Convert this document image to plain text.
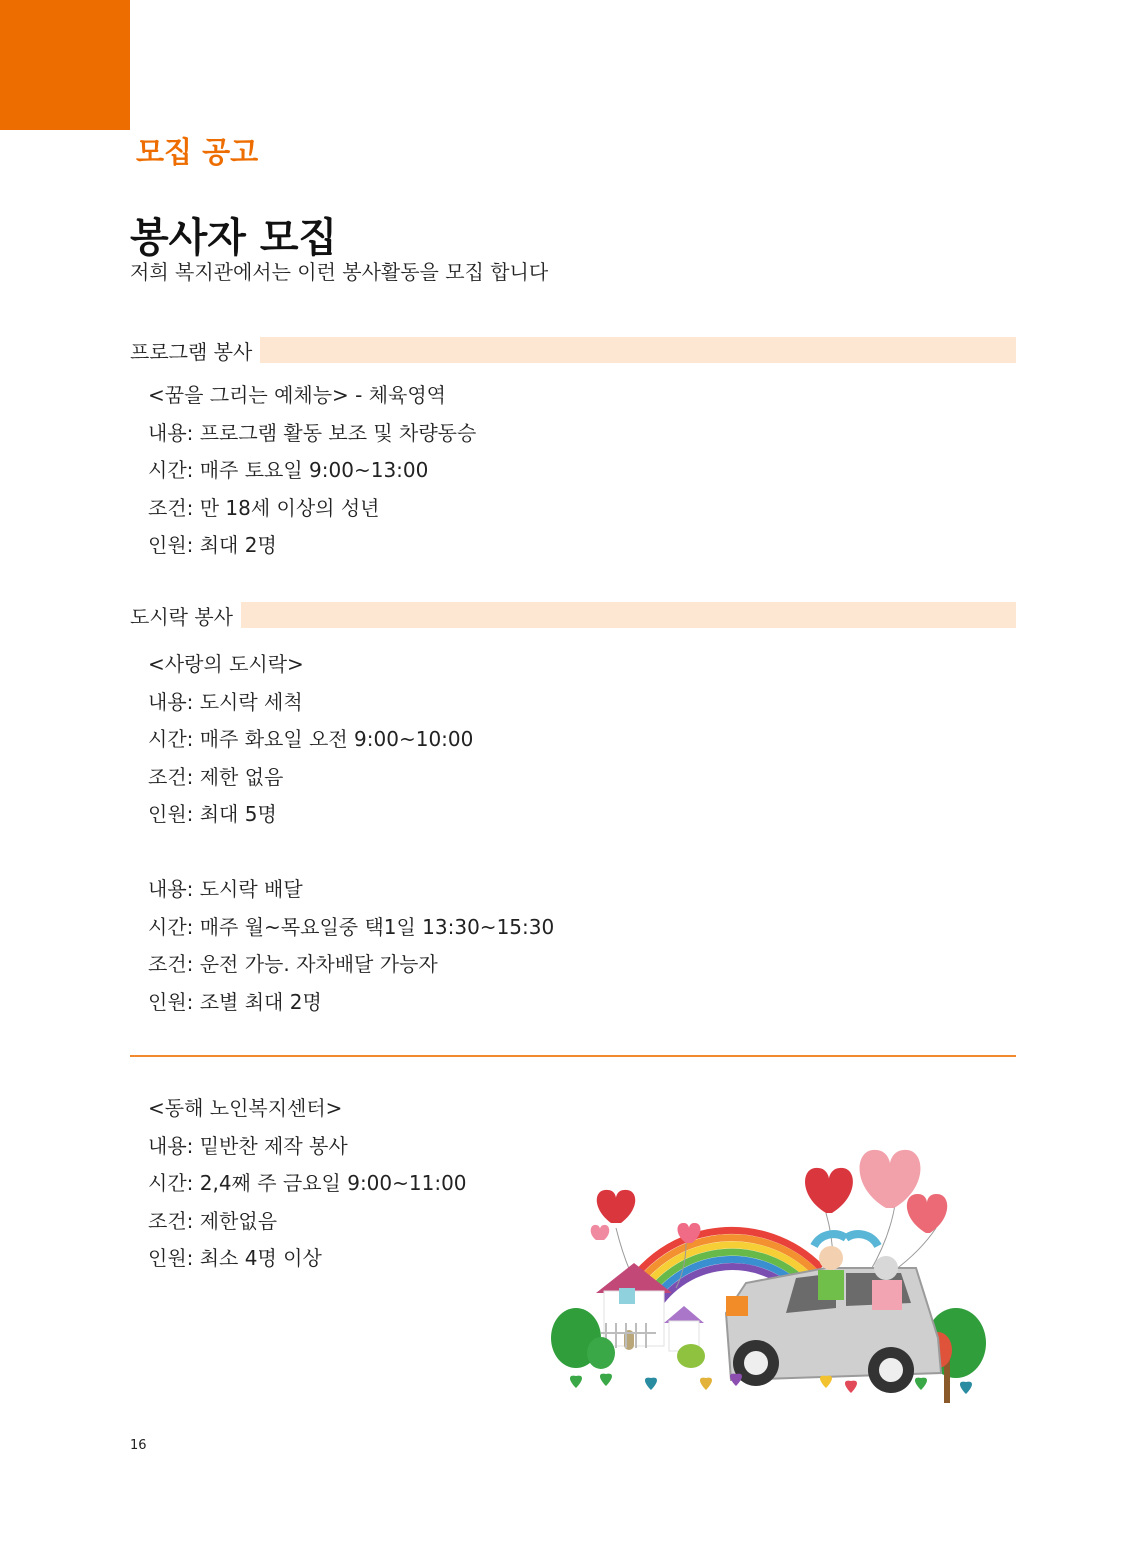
모집 공고
봉사자 모집
저희 복지관에서는 이런 봉사활동을 모집 합니다
프로그램 봉사
<꿈을 그리는 예체능> - 체육영역
내용: 프로그램 활동 보조 및 차량동승
시간: 매주 토요일 9:00~13:00
조건: 만 18세 이상의 성년
인원: 최대 2명
도시락 봉사
<사랑의 도시락>
내용: 도시락 세척
시간: 매주 화요일 오전 9:00~10:00
조건: 제한 없음
인원: 최대 5명
내용: 도시락 배달
시간: 매주 월~목요일중 택1일 13:30~15:30
조건: 운전 가능. 자차배달 가능자
인원: 조별 최대 2명
<동해 노인복지센터>
내용: 밑반찬 제작 봉사
시간: 2,4째 주 금요일 9:00~11:00
조건: 제한없음
인원: 최소 4명 이상
16
